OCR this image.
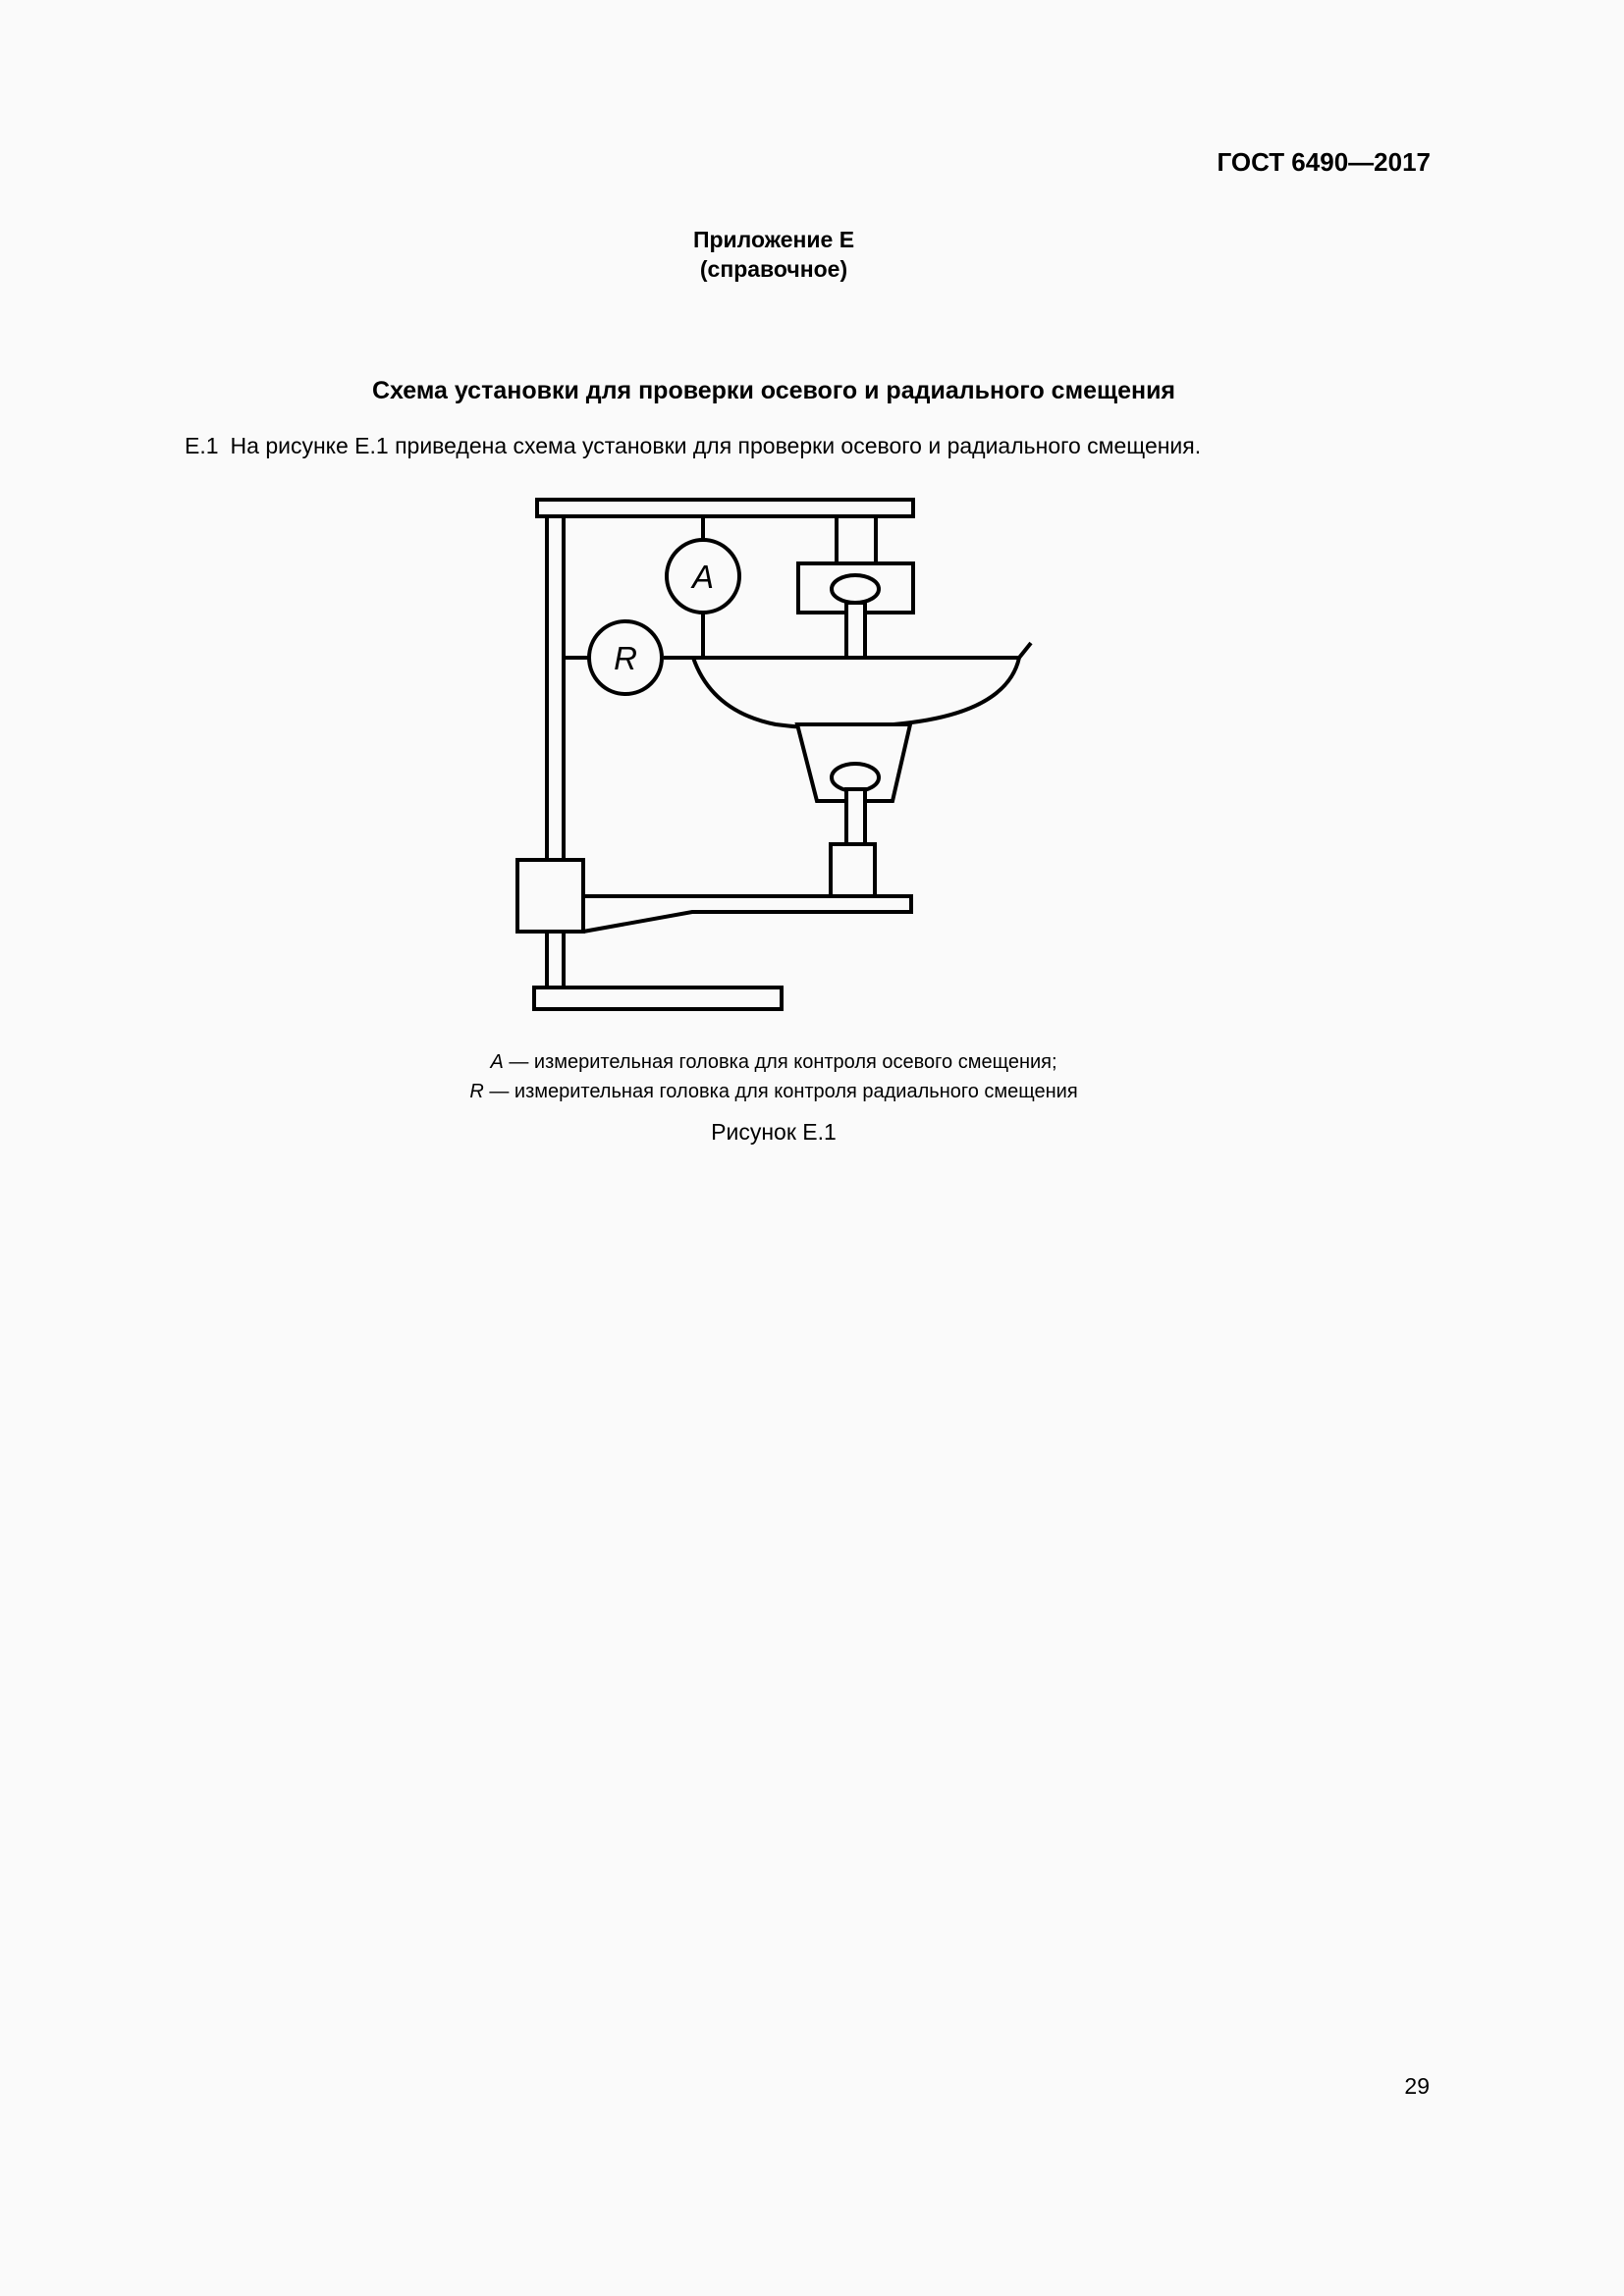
ГОСТ 6490—2017
Приложение Е
(справочное)
Схема установки для проверки осевого и радиального смещения
Е.1 На рисунке Е.1 приведена схема установки для проверки осевого и радиального смещения.
A
R
A — измерительная головка для контроля осевого смещения;
R — измерительная головка для контроля радиального смещения
Рисунок Е.1
29
